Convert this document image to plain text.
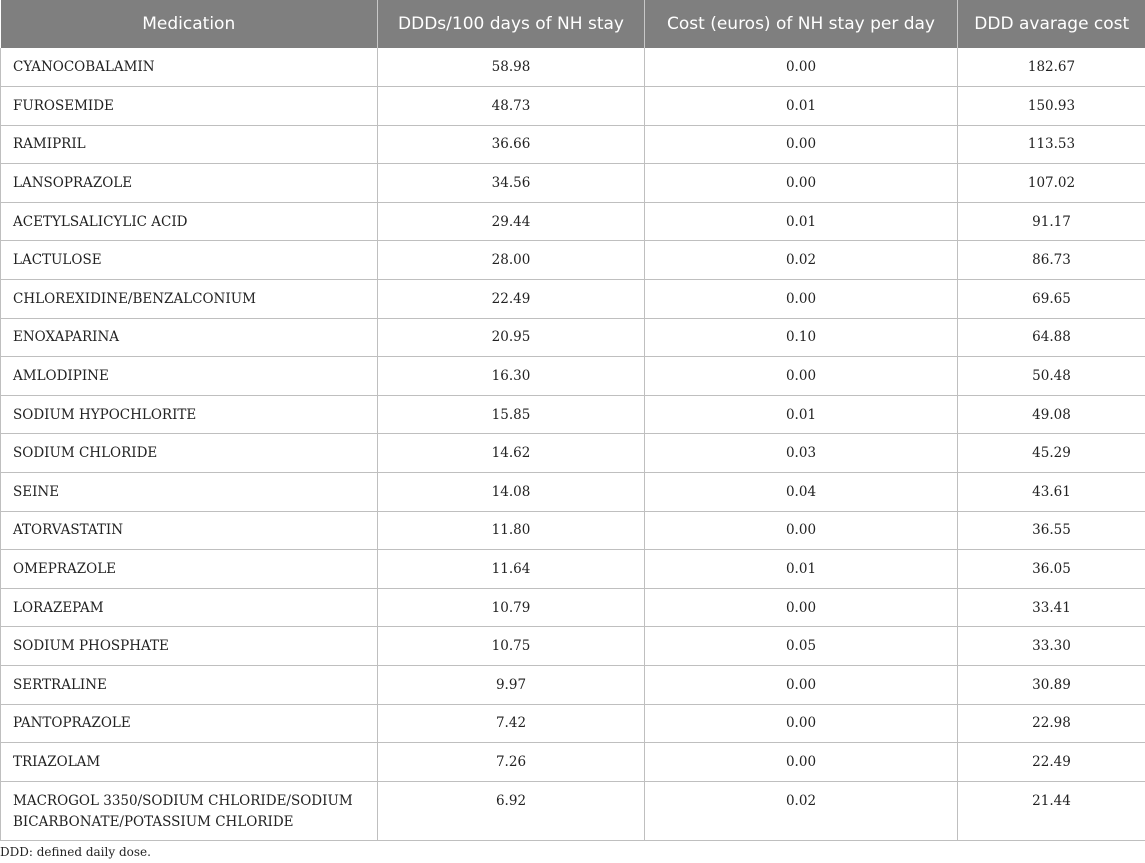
Medication	DDDs/100 days of NH stay	Cost (euros) of NH stay per day	DDD avarage cost
CYANOCOBALAMIN	58.98	0.00	182.67
FUROSEMIDE	48.73	0.01	150.93
RAMIPRIL	36.66	0.00	113.53
LANSOPRAZOLE	34.56	0.00	107.02
ACETYLSALICYLIC ACID	29.44	0.01	91.17
LACTULOSE	28.00	0.02	86.73
CHLOREXIDINE/BENZALCONIUM	22.49	0.00	69.65
ENOXAPARINA	20.95	0.10	64.88
AMLODIPINE	16.30	0.00	50.48
SODIUM HYPOCHLORITE	15.85	0.01	49.08
SODIUM CHLORIDE	14.62	0.03	45.29
SEINE	14.08	0.04	43.61
ATORVASTATIN	11.80	0.00	36.55
OMEPRAZOLE	11.64	0.01	36.05
LORAZEPAM	10.79	0.00	33.41
SODIUM PHOSPHATE	10.75	0.05	33.30
SERTRALINE	9.97	0.00	30.89
PANTOPRAZOLE	7.42	0.00	22.98
TRIAZOLAM	7.26	0.00	22.49
MACROGOL 3350/SODIUM CHLORIDE/SODIUM BICARBONATE/POTASSIUM CHLORIDE	6.92	0.02	21.44
DDD: defined daily dose.
